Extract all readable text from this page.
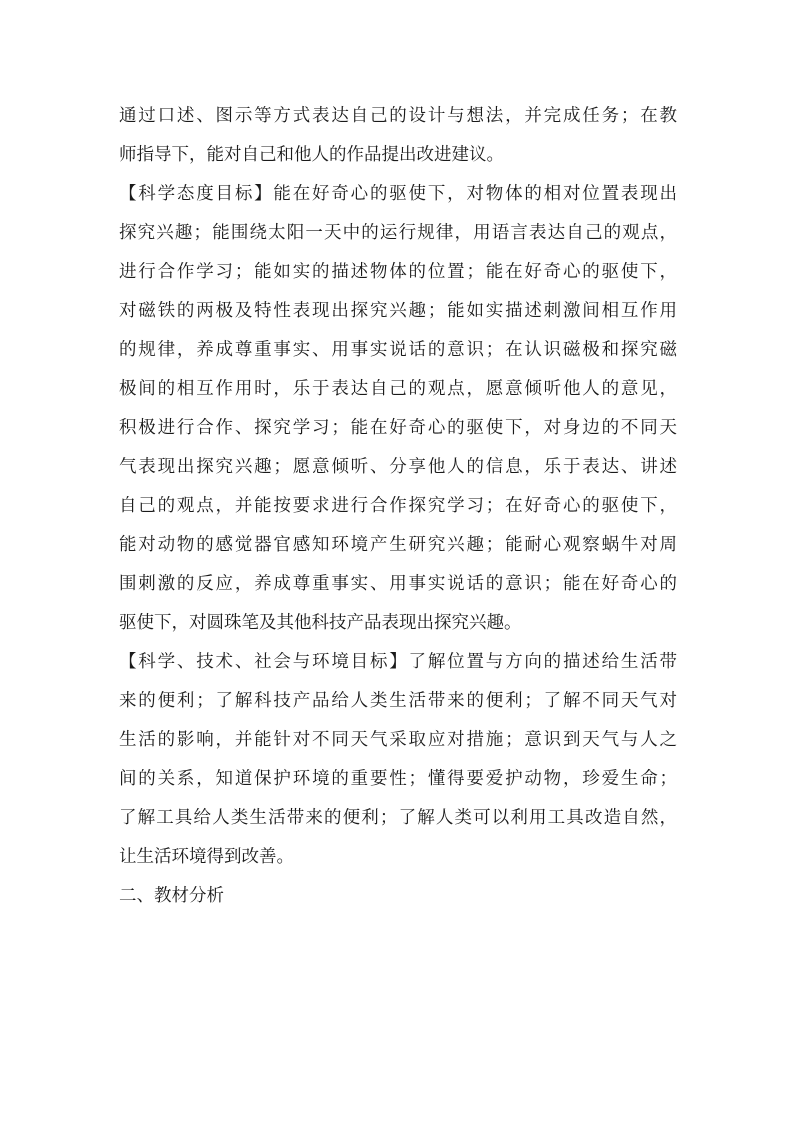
通过口述、图示等方式表达自己的设计与想法，并完成任务；在教
师指导下，能对自己和他人的作品提出改进建议。
【科学态度目标】能在好奇心的驱使下，对物体的相对位置表现出
探究兴趣；能围绕太阳一天中的运行规律，用语言表达自己的观点，
进行合作学习；能如实的描述物体的位置；能在好奇心的驱使下，
对磁铁的两极及特性表现出探究兴趣；能如实描述刺激间相互作用
的规律，养成尊重事实、用事实说话的意识；在认识磁极和探究磁
极间的相互作用时，乐于表达自己的观点，愿意倾听他人的意见，
积极进行合作、探究学习；能在好奇心的驱使下，对身边的不同天
气表现出探究兴趣；愿意倾听、分享他人的信息，乐于表达、讲述
自己的观点，并能按要求进行合作探究学习；在好奇心的驱使下，
能对动物的感觉器官感知环境产生研究兴趣；能耐心观察蜗牛对周
围刺激的反应，养成尊重事实、用事实说话的意识；能在好奇心的
驱使下，对圆珠笔及其他科技产品表现出探究兴趣。
【科学、技术、社会与环境目标】了解位置与方向的描述给生活带
来的便利；了解科技产品给人类生活带来的便利；了解不同天气对
生活的影响，并能针对不同天气采取应对措施；意识到天气与人之
间的关系，知道保护环境的重要性；懂得要爱护动物，珍爱生命；
了解工具给人类生活带来的便利；了解人类可以利用工具改造自然，
让生活环境得到改善。
二、教材分析
